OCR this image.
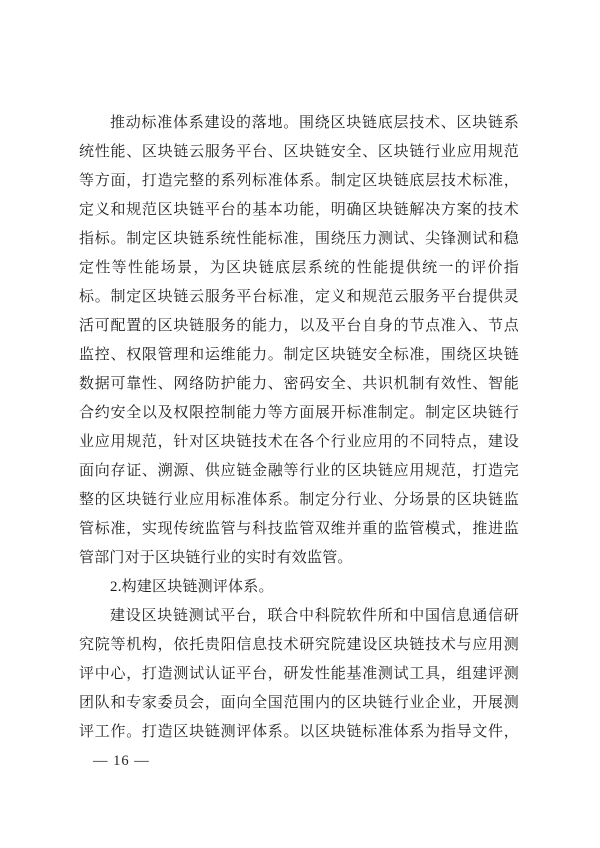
推动标准体系建设的落地。围绕区块链底层技术、区块链系
统性能、区块链云服务平台、区块链安全、区块链行业应用规范
等方面，打造完整的系列标准体系。制定区块链底层技术标准，
定义和规范区块链平台的基本功能，明确区块链解决方案的技术
指标。制定区块链系统性能标准，围绕压力测试、尖锋测试和稳
定性等性能场景，为区块链底层系统的性能提供统一的评价指
标。制定区块链云服务平台标准，定义和规范云服务平台提供灵
活可配置的区块链服务的能力，以及平台自身的节点准入、节点
监控、权限管理和运维能力。制定区块链安全标准，围绕区块链
数据可靠性、网络防护能力、密码安全、共识机制有效性、智能
合约安全以及权限控制能力等方面展开标准制定。制定区块链行
业应用规范，针对区块链技术在各个行业应用的不同特点，建设
面向存证、溯源、供应链金融等行业的区块链应用规范，打造完
整的区块链行业应用标准体系。制定分行业、分场景的区块链监
管标准，实现传统监管与科技监管双维并重的监管模式，推进监
管部门对于区块链行业的实时有效监管。
2.构建区块链测评体系。
建设区块链测试平台，联合中科院软件所和中国信息通信研
究院等机构，依托贵阳信息技术研究院建设区块链技术与应用测
评中心，打造测试认证平台，研发性能基准测试工具，组建评测
团队和专家委员会，面向全国范围内的区块链行业企业，开展测
评工作。打造区块链测评体系。以区块链标准体系为指导文件，
— 16 —
